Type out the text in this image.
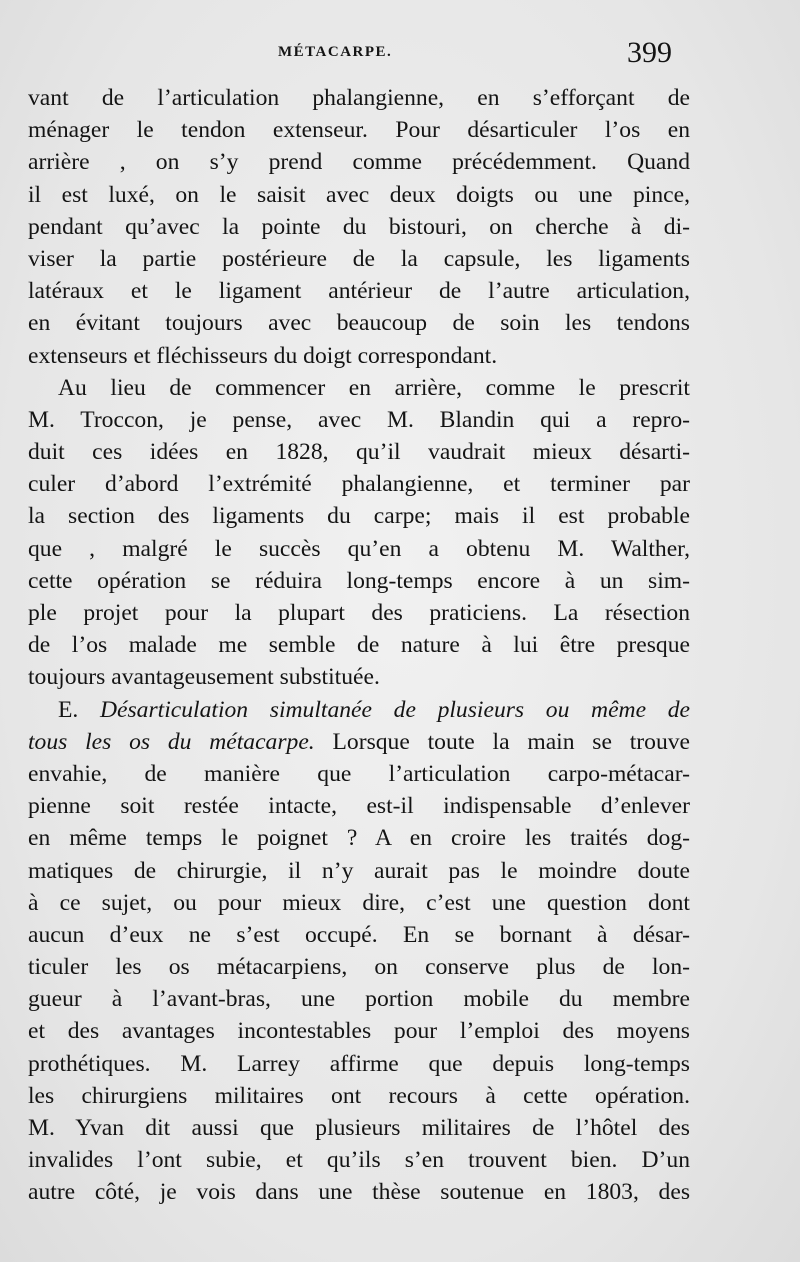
MÉTACARPE.	399
vant de l’articulation phalangienne, en s’efforçant de
ménager le tendon extenseur. Pour désarticuler l’os en
arrière , on s’y prend comme précédemment. Quand
il est luxé, on le saisit avec deux doigts ou une pince,
pendant qu’avec la pointe du bistouri, on cherche à di-
viser la partie postérieure de la capsule, les ligaments
latéraux et le ligament antérieur de l’autre articulation,
en évitant toujours avec beaucoup de soin les tendons
extenseurs et fléchisseurs du doigt correspondant.
Au lieu de commencer en arrière, comme le prescrit
M. Troccon, je pense, avec M. Blandin qui a repro-
duit ces idées en 1828, qu’il vaudrait mieux désarti-
culer d’abord l’extrémité phalangienne, et terminer par
la section des ligaments du carpe; mais il est probable
que , malgré le succès qu’en a obtenu M. Walther,
cette opération se réduira long-temps encore à un sim-
ple projet pour la plupart des praticiens. La résection
de l’os malade me semble de nature à lui être presque
toujours avantageusement substituée.
E. Désarticulation simultanée de plusieurs ou même de
tous les os du métacarpe. Lorsque toute la main se trouve
envahie, de manière que l’articulation carpo-métacar-
pienne soit restée intacte, est-il indispensable d’enlever
en même temps le poignet ? A en croire les traités dog-
matiques de chirurgie, il n’y aurait pas le moindre doute
à ce sujet, ou pour mieux dire, c’est une question dont
aucun d’eux ne s’est occupé. En se bornant à désar-
ticuler les os métacarpiens, on conserve plus de lon-
gueur à l’avant-bras, une portion mobile du membre
et des avantages incontestables pour l’emploi des moyens
prothétiques. M. Larrey affirme que depuis long-temps
les chirurgiens militaires ont recours à cette opération.
M. Yvan dit aussi que plusieurs militaires de l’hôtel des
invalides l’ont subie, et qu’ils s’en trouvent bien. D’un
autre côté, je vois dans une thèse soutenue en 1803, des
